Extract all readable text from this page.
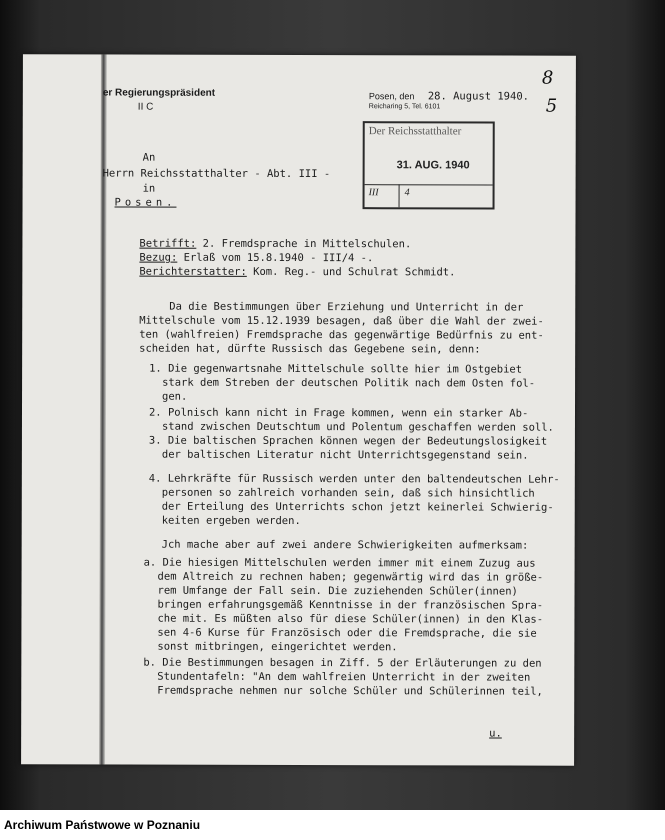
er Regierungspräsident
II C
Posen, den 28. August 1940.
Reicharing 5, Tel. 6101
8
5
Der Reichsstatthalter
31. AUG. 1940
III	4
An
Herrn Reichsstatthalter - Abt. III -
in
Posen.
Betrifft: 2. Fremdsprache in Mittelschulen.
Bezug: Erlaß vom 15.8.1940 - III/4 -.
Berichterstatter: Kom. Reg.- und Schulrat Schmidt.
Da die Bestimmungen über Erziehung und Unterricht in der
Mittelschule vom 15.12.1939 besagen, daß über die Wahl der zwei-
ten (wahlfreien) Fremdsprache das gegenwärtige Bedürfnis zu ent-
scheiden hat, dürfte Russisch das Gegebene sein, denn:
1. Die gegenwartsnahe Mittelschule sollte hier im Ostgebiet
stark dem Streben der deutschen Politik nach dem Osten fol-
gen.
2. Polnisch kann nicht in Frage kommen, wenn ein starker Ab-
stand zwischen Deutschtum und Polentum geschaffen werden soll.
3. Die baltischen Sprachen können wegen der Bedeutungslosigkeit
der baltischen Literatur nicht Unterrichtsgegenstand sein.
4. Lehrkräfte für Russisch werden unter den baltendeutschen Lehr-
personen so zahlreich vorhanden sein, daß sich hinsichtlich
der Erteilung des Unterrichts schon jetzt keinerlei Schwierig-
keiten ergeben werden.
Jch mache aber auf zwei andere Schwierigkeiten aufmerksam:
a. Die hiesigen Mittelschulen werden immer mit einem Zuzug aus
dem Altreich zu rechnen haben; gegenwärtig wird das in größe-
rem Umfange der Fall sein. Die zuziehenden Schüler(innen)
bringen erfahrungsgemäß Kenntnisse in der französischen Spra-
che mit. Es müßten also für diese Schüler(innen) in den Klas-
sen 4-6 Kurse für Französisch oder die Fremdsprache, die sie
sonst mitbringen, eingerichtet werden.
b. Die Bestimmungen besagen in Ziff. 5 der Erläuterungen zu den
Stundentafeln: "An dem wahlfreien Unterricht in der zweiten
Fremdsprache nehmen nur solche Schüler und Schülerinnen teil,
u.
Archiwum Państwowe w Poznaniu
